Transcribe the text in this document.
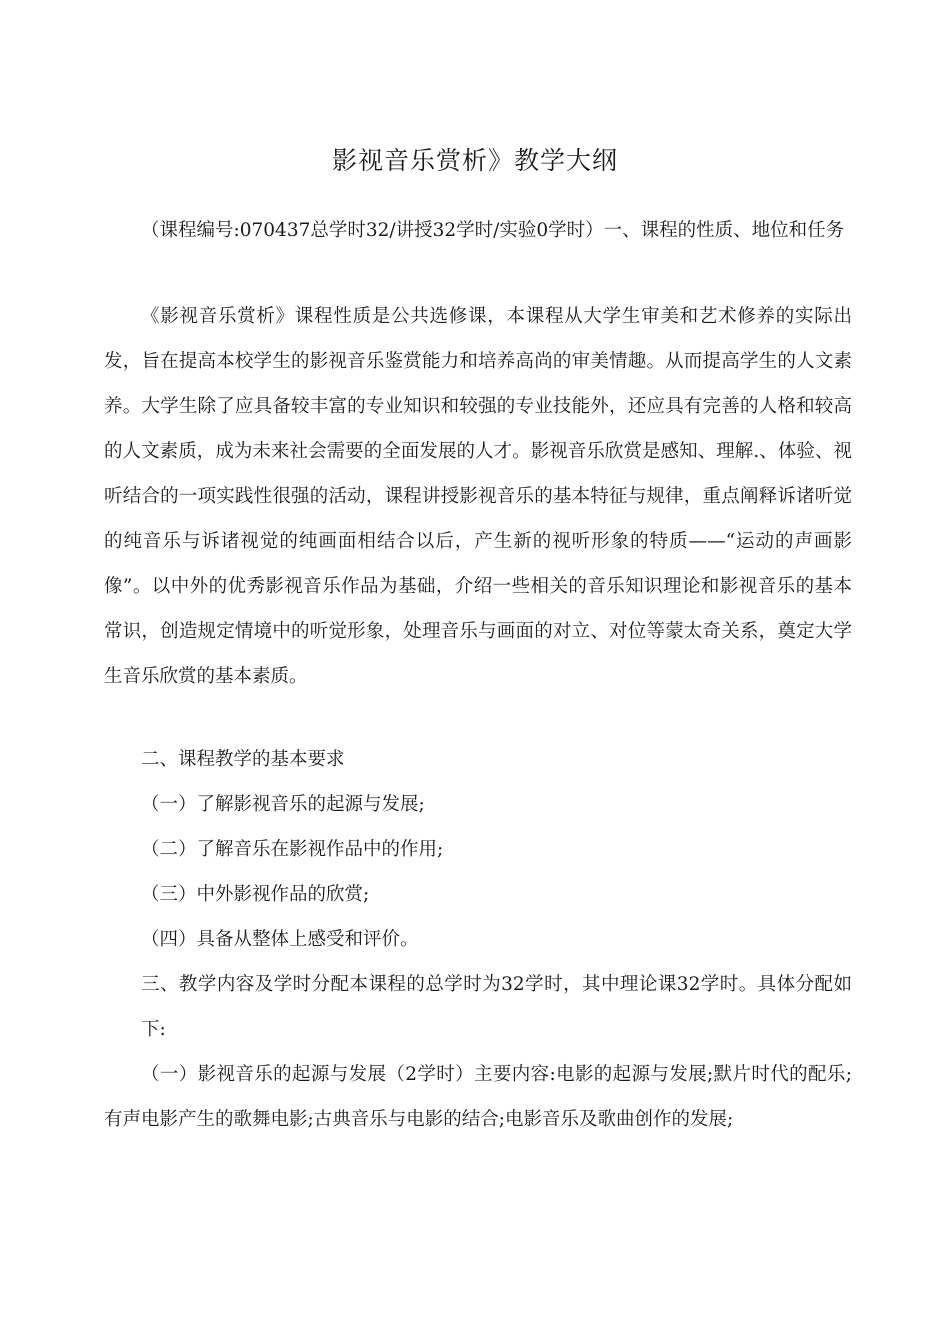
影视音乐赏析》教学大纲

（课程编号:070437总学时32/讲授32学时/实验0学时）一、课程的性质、地位和任务

《影视音乐赏析》课程性质是公共选修课，本课程从大学生审美和艺术修养的实际出发，旨在提高本校学生的影视音乐鉴赏能力和培养高尚的审美情趣。从而提高学生的人文素养。大学生除了应具备较丰富的专业知识和较强的专业技能外，还应具有完善的人格和较高的人文素质，成为未来社会需要的全面发展的人才。影视音乐欣赏是感知、理解.、体验、视听结合的一项实践性很强的活动，课程讲授影视音乐的基本特征与规律，重点阐释诉诸听觉的纯音乐与诉诸视觉的纯画面相结合以后，产生新的视听形象的特质——“运动的声画影像”。以中外的优秀影视音乐作品为基础，介绍一些相关的音乐知识理论和影视音乐的基本常识，创造规定情境中的听觉形象，处理音乐与画面的对立、对位等蒙太奇关系，奠定大学生音乐欣赏的基本素质。

二、课程教学的基本要求

（一）了解影视音乐的起源与发展;

（二）了解音乐在影视作品中的作用;

（三）中外影视作品的欣赏;

（四）具备从整体上感受和评价。

三、教学内容及学时分配本课程的总学时为32学时，其中理论课32学时。具体分配如下:

（一）影视音乐的起源与发展（2学时）主要内容:电影的起源与发展;默片时代的配乐;有声电影产生的歌舞电影;古典音乐与电影的结合;电影音乐及歌曲创作的发展;
